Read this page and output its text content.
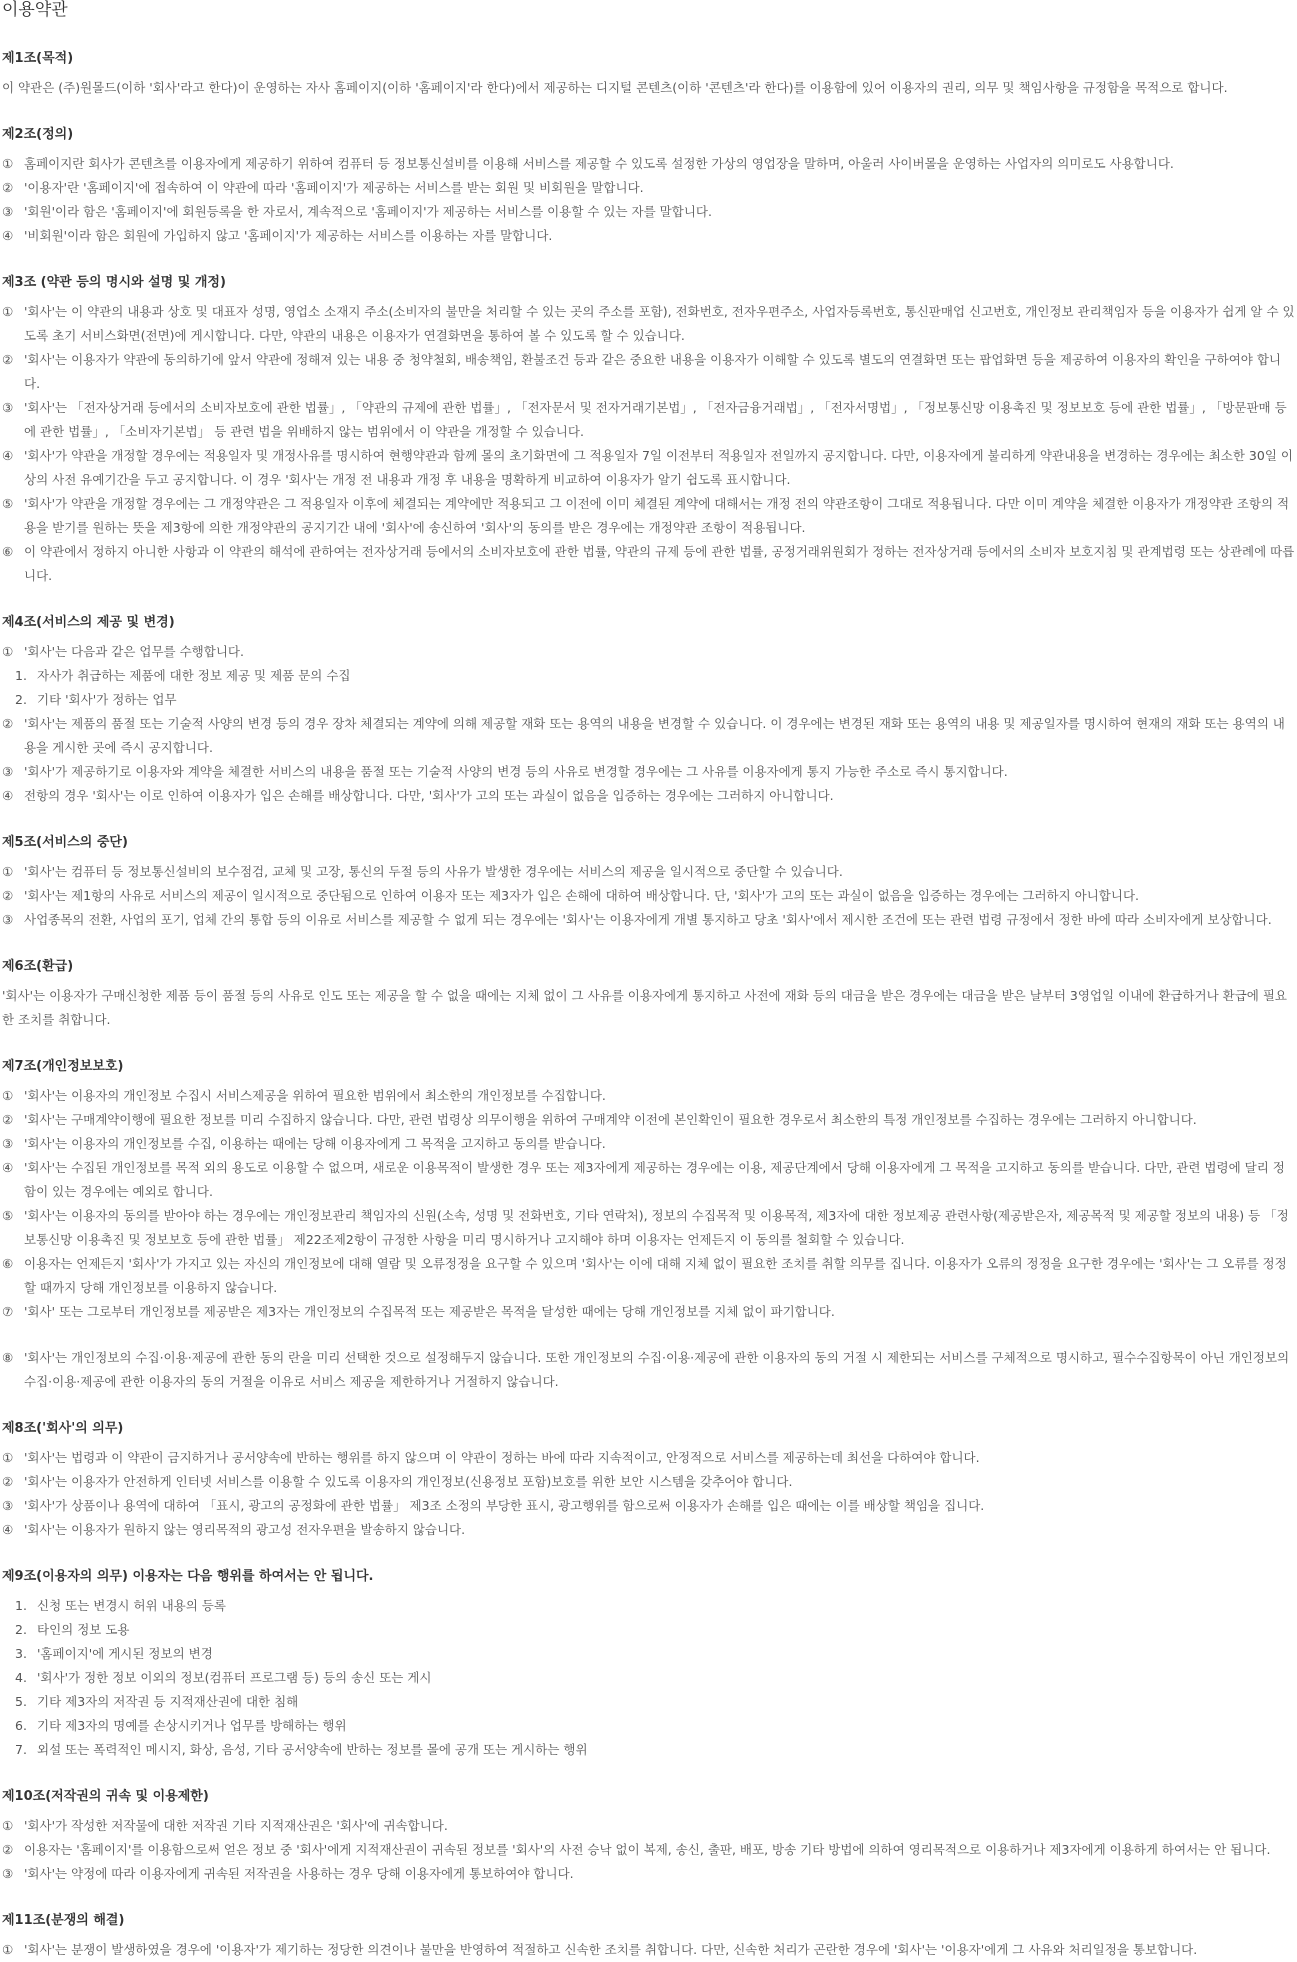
이용약관
제1조(목적)

이 약관은 (주)원몰드(이하 '회사'라고 한다)이 운영하는 자사 홈페이지(이하 '홈페이지'라 한다)에서 제공하는 디지털 콘텐츠(이하 '콘텐츠'라 한다)를 이용함에 있어 이용자의 권리, 의무 및 책임사항을 규정함을 목적으로 합니다.

제2조(정의)
① 홈페이지란 회사가 콘텐츠를 이용자에게 제공하기 위하여 컴퓨터 등 정보통신설비를 이용해 서비스를 제공할 수 있도록 설정한 가상의 영업장을 말하며, 아울러 사이버몰을 운영하는 사업자의 의미로도 사용합니다.
② '이용자'란 '홈페이지'에 접속하여 이 약관에 따라 '홈페이지'가 제공하는 서비스를 받는 회원 및 비회원을 말합니다.
③ '회원'이라 함은 '홈페이지'에 회원등록을 한 자로서, 계속적으로 '홈페이지'가 제공하는 서비스를 이용할 수 있는 자를 말합니다.
④ '비회원'이라 함은 회원에 가입하지 않고 '홈페이지'가 제공하는 서비스를 이용하는 자를 말합니다.
제3조 (약관 등의 명시와 설명 및 개정)
① '회사'는 이 약관의 내용과 상호 및 대표자 성명, 영업소 소재지 주소(소비자의 불만을 처리할 수 있는 곳의 주소를 포함), 전화번호, 전자우편주소, 사업자등록번호, 통신판매업 신고번호, 개인정보 관리책임자 등을 이용자가 쉽게 알 수 있도록 초기 서비스화면(전면)에 게시합니다. 다만, 약관의 내용은 이용자가 연결화면을 통하여 볼 수 있도록 할 수 있습니다.
② '회사'는 이용자가 약관에 동의하기에 앞서 약관에 정해져 있는 내용 중 청약철회, 배송책임, 환불조건 등과 같은 중요한 내용을 이용자가 이해할 수 있도록 별도의 연결화면 또는 팝업화면 등을 제공하여 이용자의 확인을 구하여야 합니다.
③ '회사'는 「전자상거래 등에서의 소비자보호에 관한 법률」, 「약관의 규제에 관한 법률」, 「전자문서 및 전자거래기본법」, 「전자금융거래법」, 「전자서명법」, 「정보통신망 이용촉진 및 정보보호 등에 관한 법률」, 「방문판매 등에 관한 법률」, 「소비자기본법」 등 관련 법을 위배하지 않는 범위에서 이 약관을 개정할 수 있습니다.
④ '회사'가 약관을 개정할 경우에는 적용일자 및 개정사유를 명시하여 현행약관과 함께 몰의 초기화면에 그 적용일자 7일 이전부터 적용일자 전일까지 공지합니다. 다만, 이용자에게 불리하게 약관내용을 변경하는 경우에는 최소한 30일 이상의 사전 유예기간을 두고 공지합니다. 이 경우 '회사'는 개정 전 내용과 개정 후 내용을 명확하게 비교하여 이용자가 알기 쉽도록 표시합니다.
⑤ '회사'가 약관을 개정할 경우에는 그 개정약관은 그 적용일자 이후에 체결되는 계약에만 적용되고 그 이전에 이미 체결된 계약에 대해서는 개정 전의 약관조항이 그대로 적용됩니다. 다만 이미 계약을 체결한 이용자가 개정약관 조항의 적용을 받기를 원하는 뜻을 제3항에 의한 개정약관의 공지기간 내에 '회사'에 송신하여 '회사'의 동의를 받은 경우에는 개정약관 조항이 적용됩니다.
⑥ 이 약관에서 정하지 아니한 사항과 이 약관의 해석에 관하여는 전자상거래 등에서의 소비자보호에 관한 법률, 약관의 규제 등에 관한 법률, 공정거래위원회가 정하는 전자상거래 등에서의 소비자 보호지침 및 관계법령 또는 상관례에 따릅니다.
제4조(서비스의 제공 및 변경)
① '회사'는 다음과 같은 업무를 수행합니다.
1. 자사가 취급하는 제품에 대한 정보 제공 및 제품 문의 수집
2. 기타 '회사'가 정하는 업무
② '회사'는 제품의 품절 또는 기술적 사양의 변경 등의 경우 장차 체결되는 계약에 의해 제공할 재화 또는 용역의 내용을 변경할 수 있습니다. 이 경우에는 변경된 재화 또는 용역의 내용 및 제공일자를 명시하여 현재의 재화 또는 용역의 내용을 게시한 곳에 즉시 공지합니다.
③ '회사'가 제공하기로 이용자와 계약을 체결한 서비스의 내용을 품절 또는 기술적 사양의 변경 등의 사유로 변경할 경우에는 그 사유를 이용자에게 통지 가능한 주소로 즉시 통지합니다.
④ 전항의 경우 '회사'는 이로 인하여 이용자가 입은 손해를 배상합니다. 다만, '회사'가 고의 또는 과실이 없음을 입증하는 경우에는 그러하지 아니합니다.
제5조(서비스의 중단)
① '회사'는 컴퓨터 등 정보통신설비의 보수점검, 교체 및 고장, 통신의 두절 등의 사유가 발생한 경우에는 서비스의 제공을 일시적으로 중단할 수 있습니다.
② '회사'는 제1항의 사유로 서비스의 제공이 일시적으로 중단됨으로 인하여 이용자 또는 제3자가 입은 손해에 대하여 배상합니다. 단, '회사'가 고의 또는 과실이 없음을 입증하는 경우에는 그러하지 아니합니다.
③ 사업종목의 전환, 사업의 포기, 업체 간의 통합 등의 이유로 서비스를 제공할 수 없게 되는 경우에는 '회사'는 이용자에게 개별 통지하고 당초 '회사'에서 제시한 조건에 또는 관련 법령 규정에서 정한 바에 따라 소비자에게 보상합니다.
제6조(환급)

'회사'는 이용자가 구매신청한 제품 등이 품절 등의 사유로 인도 또는 제공을 할 수 없을 때에는 지체 없이 그 사유를 이용자에게 통지하고 사전에 재화 등의 대금을 받은 경우에는 대금을 받은 날부터 3영업일 이내에 환급하거나 환급에 필요한 조치를 취합니다.

제7조(개인정보보호)
① '회사'는 이용자의 개인정보 수집시 서비스제공을 위하여 필요한 범위에서 최소한의 개인정보를 수집합니다.
② '회사'는 구매계약이행에 필요한 정보를 미리 수집하지 않습니다. 다만, 관련 법령상 의무이행을 위하여 구매계약 이전에 본인확인이 필요한 경우로서 최소한의 특정 개인정보를 수집하는 경우에는 그러하지 아니합니다.
③ '회사'는 이용자의 개인정보를 수집, 이용하는 때에는 당해 이용자에게 그 목적을 고지하고 동의를 받습니다.
④ '회사'는 수집된 개인정보를 목적 외의 용도로 이용할 수 없으며, 새로운 이용목적이 발생한 경우 또는 제3자에게 제공하는 경우에는 이용, 제공단계에서 당해 이용자에게 그 목적을 고지하고 동의를 받습니다. 다만, 관련 법령에 달리 정함이 있는 경우에는 예외로 합니다.
⑤ '회사'는 이용자의 동의를 받아야 하는 경우에는 개인정보관리 책임자의 신원(소속, 성명 및 전화번호, 기타 연락처), 정보의 수집목적 및 이용목적, 제3자에 대한 정보제공 관련사항(제공받은자, 제공목적 및 제공할 정보의 내용) 등 「정보통신망 이용촉진 및 정보보호 등에 관한 법률」 제22조제2항이 규정한 사항을 미리 명시하거나 고지해야 하며 이용자는 언제든지 이 동의를 철회할 수 있습니다.
⑥ 이용자는 언제든지 '회사'가 가지고 있는 자신의 개인정보에 대해 열람 및 오류정정을 요구할 수 있으며 '회사'는 이에 대해 지체 없이 필요한 조치를 취할 의무를 집니다. 이용자가 오류의 정정을 요구한 경우에는 '회사'는 그 오류를 정정할 때까지 당해 개인정보를 이용하지 않습니다.
⑦ '회사' 또는 그로부터 개인정보를 제공받은 제3자는 개인정보의 수집목적 또는 제공받은 목적을 달성한 때에는 당해 개인정보를 지체 없이 파기합니다.
⑧ '회사'는 개인정보의 수집·이용·제공에 관한 동의 란을 미리 선택한 것으로 설정해두지 않습니다. 또한 개인정보의 수집·이용·제공에 관한 이용자의 동의 거절 시 제한되는 서비스를 구체적으로 명시하고, 필수수집항목이 아닌 개인정보의 수집·이용·제공에 관한 이용자의 동의 거절을 이유로 서비스 제공을 제한하거나 거절하지 않습니다.
제8조('회사'의 의무)
① '회사'는 법령과 이 약관이 금지하거나 공서양속에 반하는 행위를 하지 않으며 이 약관이 정하는 바에 따라 지속적이고, 안정적으로 서비스를 제공하는데 최선을 다하여야 합니다.
② '회사'는 이용자가 안전하게 인터넷 서비스를 이용할 수 있도록 이용자의 개인정보(신용정보 포함)보호를 위한 보안 시스템을 갖추어야 합니다.
③ '회사'가 상품이나 용역에 대하여 「표시, 광고의 공정화에 관한 법률」 제3조 소정의 부당한 표시, 광고행위를 함으로써 이용자가 손해를 입은 때에는 이를 배상할 책임을 집니다.
④ '회사'는 이용자가 원하지 않는 영리목적의 광고성 전자우편을 발송하지 않습니다.
제9조(이용자의 의무) 이용자는 다음 행위를 하여서는 안 됩니다.
1. 신청 또는 변경시 허위 내용의 등록
2. 타인의 정보 도용
3. '홈페이지'에 게시된 정보의 변경
4. '회사'가 정한 정보 이외의 정보(컴퓨터 프로그램 등) 등의 송신 또는 게시
5. 기타 제3자의 저작권 등 지적재산권에 대한 침해
6. 기타 제3자의 명예를 손상시키거나 업무를 방해하는 행위
7. 외설 또는 폭력적인 메시지, 화상, 음성, 기타 공서양속에 반하는 정보를 몰에 공개 또는 게시하는 행위
제10조(저작권의 귀속 및 이용제한)
① '회사'가 작성한 저작물에 대한 저작권 기타 지적재산권은 '회사'에 귀속합니다.
② 이용자는 '홈페이지'를 이용함으로써 얻은 정보 중 '회사'에게 지적재산권이 귀속된 정보를 '회사'의 사전 승낙 없이 복제, 송신, 출판, 배포, 방송 기타 방법에 의하여 영리목적으로 이용하거나 제3자에게 이용하게 하여서는 안 됩니다.
③ '회사'는 약정에 따라 이용자에게 귀속된 저작권을 사용하는 경우 당해 이용자에게 통보하여야 합니다.
제11조(분쟁의 해결)
① '회사'는 분쟁이 발생하였을 경우에 '이용자'가 제기하는 정당한 의견이나 불만을 반영하여 적절하고 신속한 조치를 취합니다. 다만, 신속한 처리가 곤란한 경우에 '회사'는 '이용자'에게 그 사유와 처리일정을 통보합니다.
